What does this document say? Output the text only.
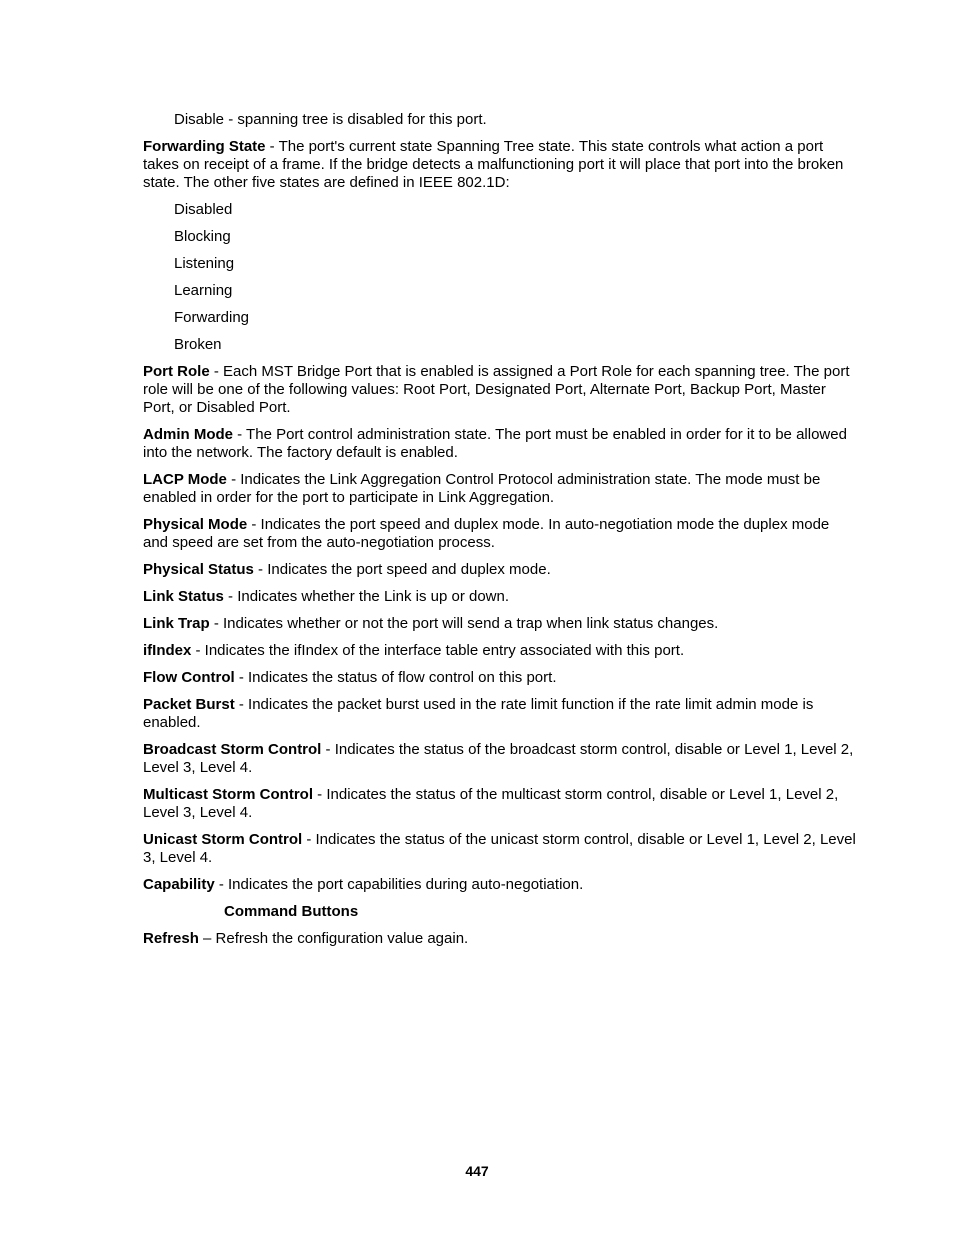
Disable - spanning tree is disabled for this port.

Forwarding State - The port's current state Spanning Tree state. This state controls what action a port takes on receipt of a frame. If the bridge detects a malfunctioning port it will place that port into the broken state. The other five states are defined in IEEE 802.1D:

Disabled

Blocking

Listening

Learning

Forwarding

Broken

Port Role - Each MST Bridge Port that is enabled is assigned a Port Role for each spanning tree. The port role will be one of the following values: Root Port, Designated Port, Alternate Port, Backup Port, Master Port, or Disabled Port.

Admin Mode - The Port control administration state. The port must be enabled in order for it to be allowed into the network. The factory default is enabled.

LACP Mode - Indicates the Link Aggregation Control Protocol administration state. The mode must be enabled in order for the port to participate in Link Aggregation.

Physical Mode - Indicates the port speed and duplex mode. In auto-negotiation mode the duplex mode and speed are set from the auto-negotiation process.

Physical Status - Indicates the port speed and duplex mode.

Link Status - Indicates whether the Link is up or down.

Link Trap - Indicates whether or not the port will send a trap when link status changes.

ifIndex - Indicates the ifIndex of the interface table entry associated with this port.

Flow Control - Indicates the status of flow control on this port.

Packet Burst - Indicates the packet burst used in the rate limit function if the rate limit admin mode is enabled.

Broadcast Storm Control - Indicates the status of the broadcast storm control, disable or Level 1, Level 2, Level 3, Level 4.

Multicast Storm Control - Indicates the status of the multicast storm control, disable or Level 1, Level 2, Level 3, Level 4.

Unicast Storm Control - Indicates the status of the unicast storm control, disable or Level 1, Level 2, Level 3, Level 4.

Capability - Indicates the port capabilities during auto-negotiation.

Command Buttons

Refresh – Refresh the configuration value again.

447
